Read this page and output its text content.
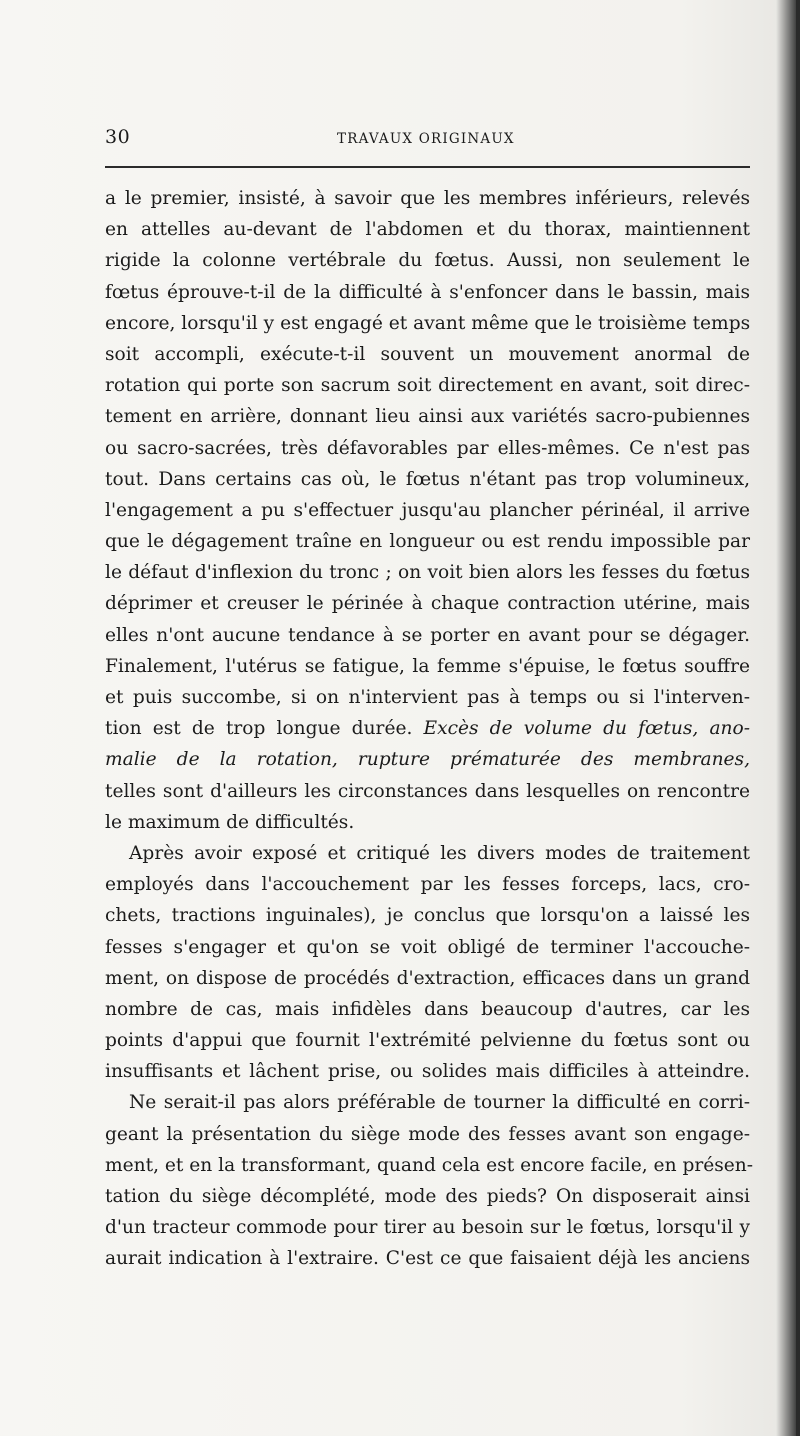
30	TRAVAUX ORIGINAUX
a le premier, insisté, à savoir que les membres inférieurs, relevés
en attelles au-devant de l'abdomen et du thorax, maintiennent
rigide la colonne vertébrale du fœtus. Aussi, non seulement le
fœtus éprouve-t-il de la difficulté à s'enfoncer dans le bassin, mais
encore, lorsqu'il y est engagé et avant même que le troisième temps
soit accompli, exécute-t-il souvent un mouvement anormal de
rotation qui porte son sacrum soit directement en avant, soit direc-
tement en arrière, donnant lieu ainsi aux variétés sacro-pubiennes
ou sacro-sacrées, très défavorables par elles-mêmes. Ce n'est pas
tout. Dans certains cas où, le fœtus n'étant pas trop volumineux,
l'engagement a pu s'effectuer jusqu'au plancher périnéal, il arrive
que le dégagement traîne en longueur ou est rendu impossible par
le défaut d'inflexion du tronc ; on voit bien alors les fesses du fœtus
déprimer et creuser le périnée à chaque contraction utérine, mais
elles n'ont aucune tendance à se porter en avant pour se dégager.
Finalement, l'utérus se fatigue, la femme s'épuise, le fœtus souffre
et puis succombe, si on n'intervient pas à temps ou si l'interven-
tion est de trop longue durée. Excès de volume du fœtus, ano-
malie de la rotation, rupture prématurée des membranes,
telles sont d'ailleurs les circonstances dans lesquelles on rencontre
le maximum de difficultés.
Après avoir exposé et critiqué les divers modes de traitement
employés dans l'accouchement par les fesses forceps, lacs, cro-
chets, tractions inguinales), je conclus que lorsqu'on a laissé les
fesses s'engager et qu'on se voit obligé de terminer l'accouche-
ment, on dispose de procédés d'extraction, efficaces dans un grand
nombre de cas, mais infidèles dans beaucoup d'autres, car les
points d'appui que fournit l'extrémité pelvienne du fœtus sont ou
insuffisants et lâchent prise, ou solides mais difficiles à atteindre.
Ne serait-il pas alors préférable de tourner la difficulté en corri-
geant la présentation du siège mode des fesses avant son engage-
ment, et en la transformant, quand cela est encore facile, en présen-
tation du siège décomplété, mode des pieds? On disposerait ainsi
d'un tracteur commode pour tirer au besoin sur le fœtus, lorsqu'il y
aurait indication à l'extraire. C'est ce que faisaient déjà les anciens
